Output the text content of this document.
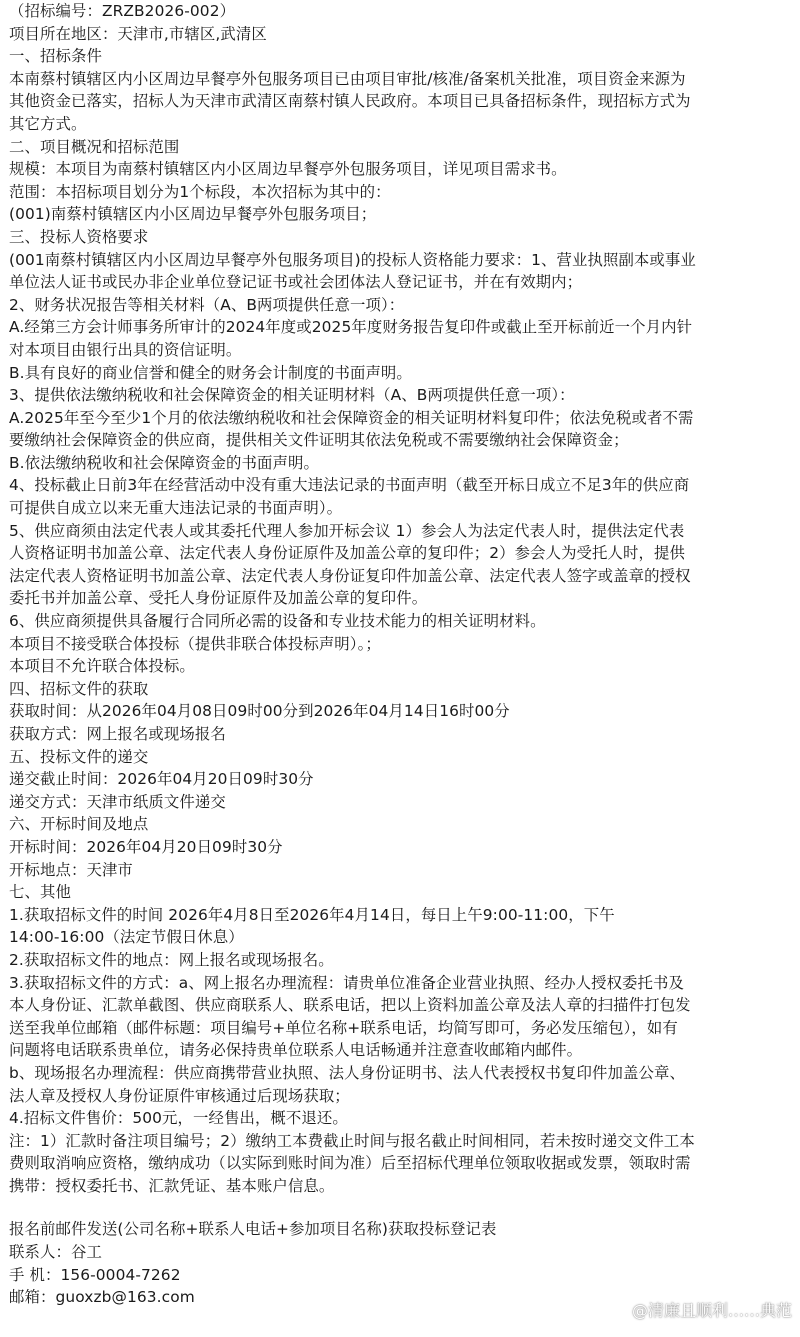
（招标编号：ZRZB2026-002）
项目所在地区：天津市,市辖区,武清区
一、招标条件
本南蔡村镇辖区内小区周边早餐亭外包服务项目已由项目审批/核准/备案机关批准，项目资金来源为
其他资金已落实，招标人为天津市武清区南蔡村镇人民政府。本项目已具备招标条件，现招标方式为
其它方式。
二、项目概况和招标范围
规模：本项目为南蔡村镇辖区内小区周边早餐亭外包服务项目，详见项目需求书。
范围：本招标项目划分为1个标段，本次招标为其中的：
(001)南蔡村镇辖区内小区周边早餐亭外包服务项目；
三、投标人资格要求
(001南蔡村镇辖区内小区周边早餐亭外包服务项目)的投标人资格能力要求：1、营业执照副本或事业
单位法人证书或民办非企业单位登记证书或社会团体法人登记证书，并在有效期内；
2、财务状况报告等相关材料（A、B两项提供任意一项）：
A.经第三方会计师事务所审计的2024年度或2025年度财务报告复印件或截止至开标前近一个月内针
对本项目由银行出具的资信证明。
B.具有良好的商业信誉和健全的财务会计制度的书面声明。
3、提供依法缴纳税收和社会保障资金的相关证明材料（A、B两项提供任意一项）：
A.2025年至今至少1个月的依法缴纳税收和社会保障资金的相关证明材料复印件；依法免税或者不需
要缴纳社会保障资金的供应商，提供相关文件证明其依法免税或不需要缴纳社会保障资金；
B.依法缴纳税收和社会保障资金的书面声明。
4、投标截止日前3年在经营活动中没有重大违法记录的书面声明（截至开标日成立不足3年的供应商
可提供自成立以来无重大违法记录的书面声明）。
5、供应商须由法定代表人或其委托代理人参加开标会议 1）参会人为法定代表人时，提供法定代表
人资格证明书加盖公章、法定代表人身份证原件及加盖公章的复印件；2）参会人为受托人时，提供
法定代表人资格证明书加盖公章、法定代表人身份证复印件加盖公章、法定代表人签字或盖章的授权
委托书并加盖公章、受托人身份证原件及加盖公章的复印件。
6、供应商须提供具备履行合同所必需的设备和专业技术能力的相关证明材料。
本项目不接受联合体投标（提供非联合体投标声明）。；
本项目不允许联合体投标。
四、招标文件的获取
获取时间：从2026年04月08日09时00分到2026年04月14日16时00分
获取方式：网上报名或现场报名
五、投标文件的递交
递交截止时间：2026年04月20日09时30分
递交方式：天津市纸质文件递交
六、开标时间及地点
开标时间：2026年04月20日09时30分
开标地点：天津市
七、其他
1.获取招标文件的时间 2026年4月8日至2026年4月14日，每日上午9:00-11:00，下午
14:00-16:00（法定节假日休息）
2.获取招标文件的地点：网上报名或现场报名。
3.获取招标文件的方式：a、网上报名办理流程：请贵单位准备企业营业执照、经办人授权委托书及
本人身份证、汇款单截图、供应商联系人、联系电话，把以上资料加盖公章及法人章的扫描件打包发
送至我单位邮箱（邮件标题：项目编号+单位名称+联系电话，均简写即可，务必发压缩包），如有
问题将电话联系贵单位，请务必保持贵单位联系人电话畅通并注意查收邮箱内邮件。
b、现场报名办理流程：供应商携带营业执照、法人身份证明书、法人代表授权书复印件加盖公章、
法人章及授权人身份证原件审核通过后现场获取；
4.招标文件售价：500元，一经售出，概不退还。
注：1）汇款时备注项目编号；2）缴纳工本费截止时间与报名截止时间相同，若未按时递交文件工本
费则取消响应资格，缴纳成功（以实际到账时间为准）后至招标代理单位领取收据或发票，领取时需
携带：授权委托书、汇款凭证、基本账户信息。
报名前邮件发送(公司名称+联系人电话+参加项目名称)获取投标登记表
联系人：谷工
手 机：156-0004-7262
邮箱：guoxzb@163.com
@清廉且顺利……典范
